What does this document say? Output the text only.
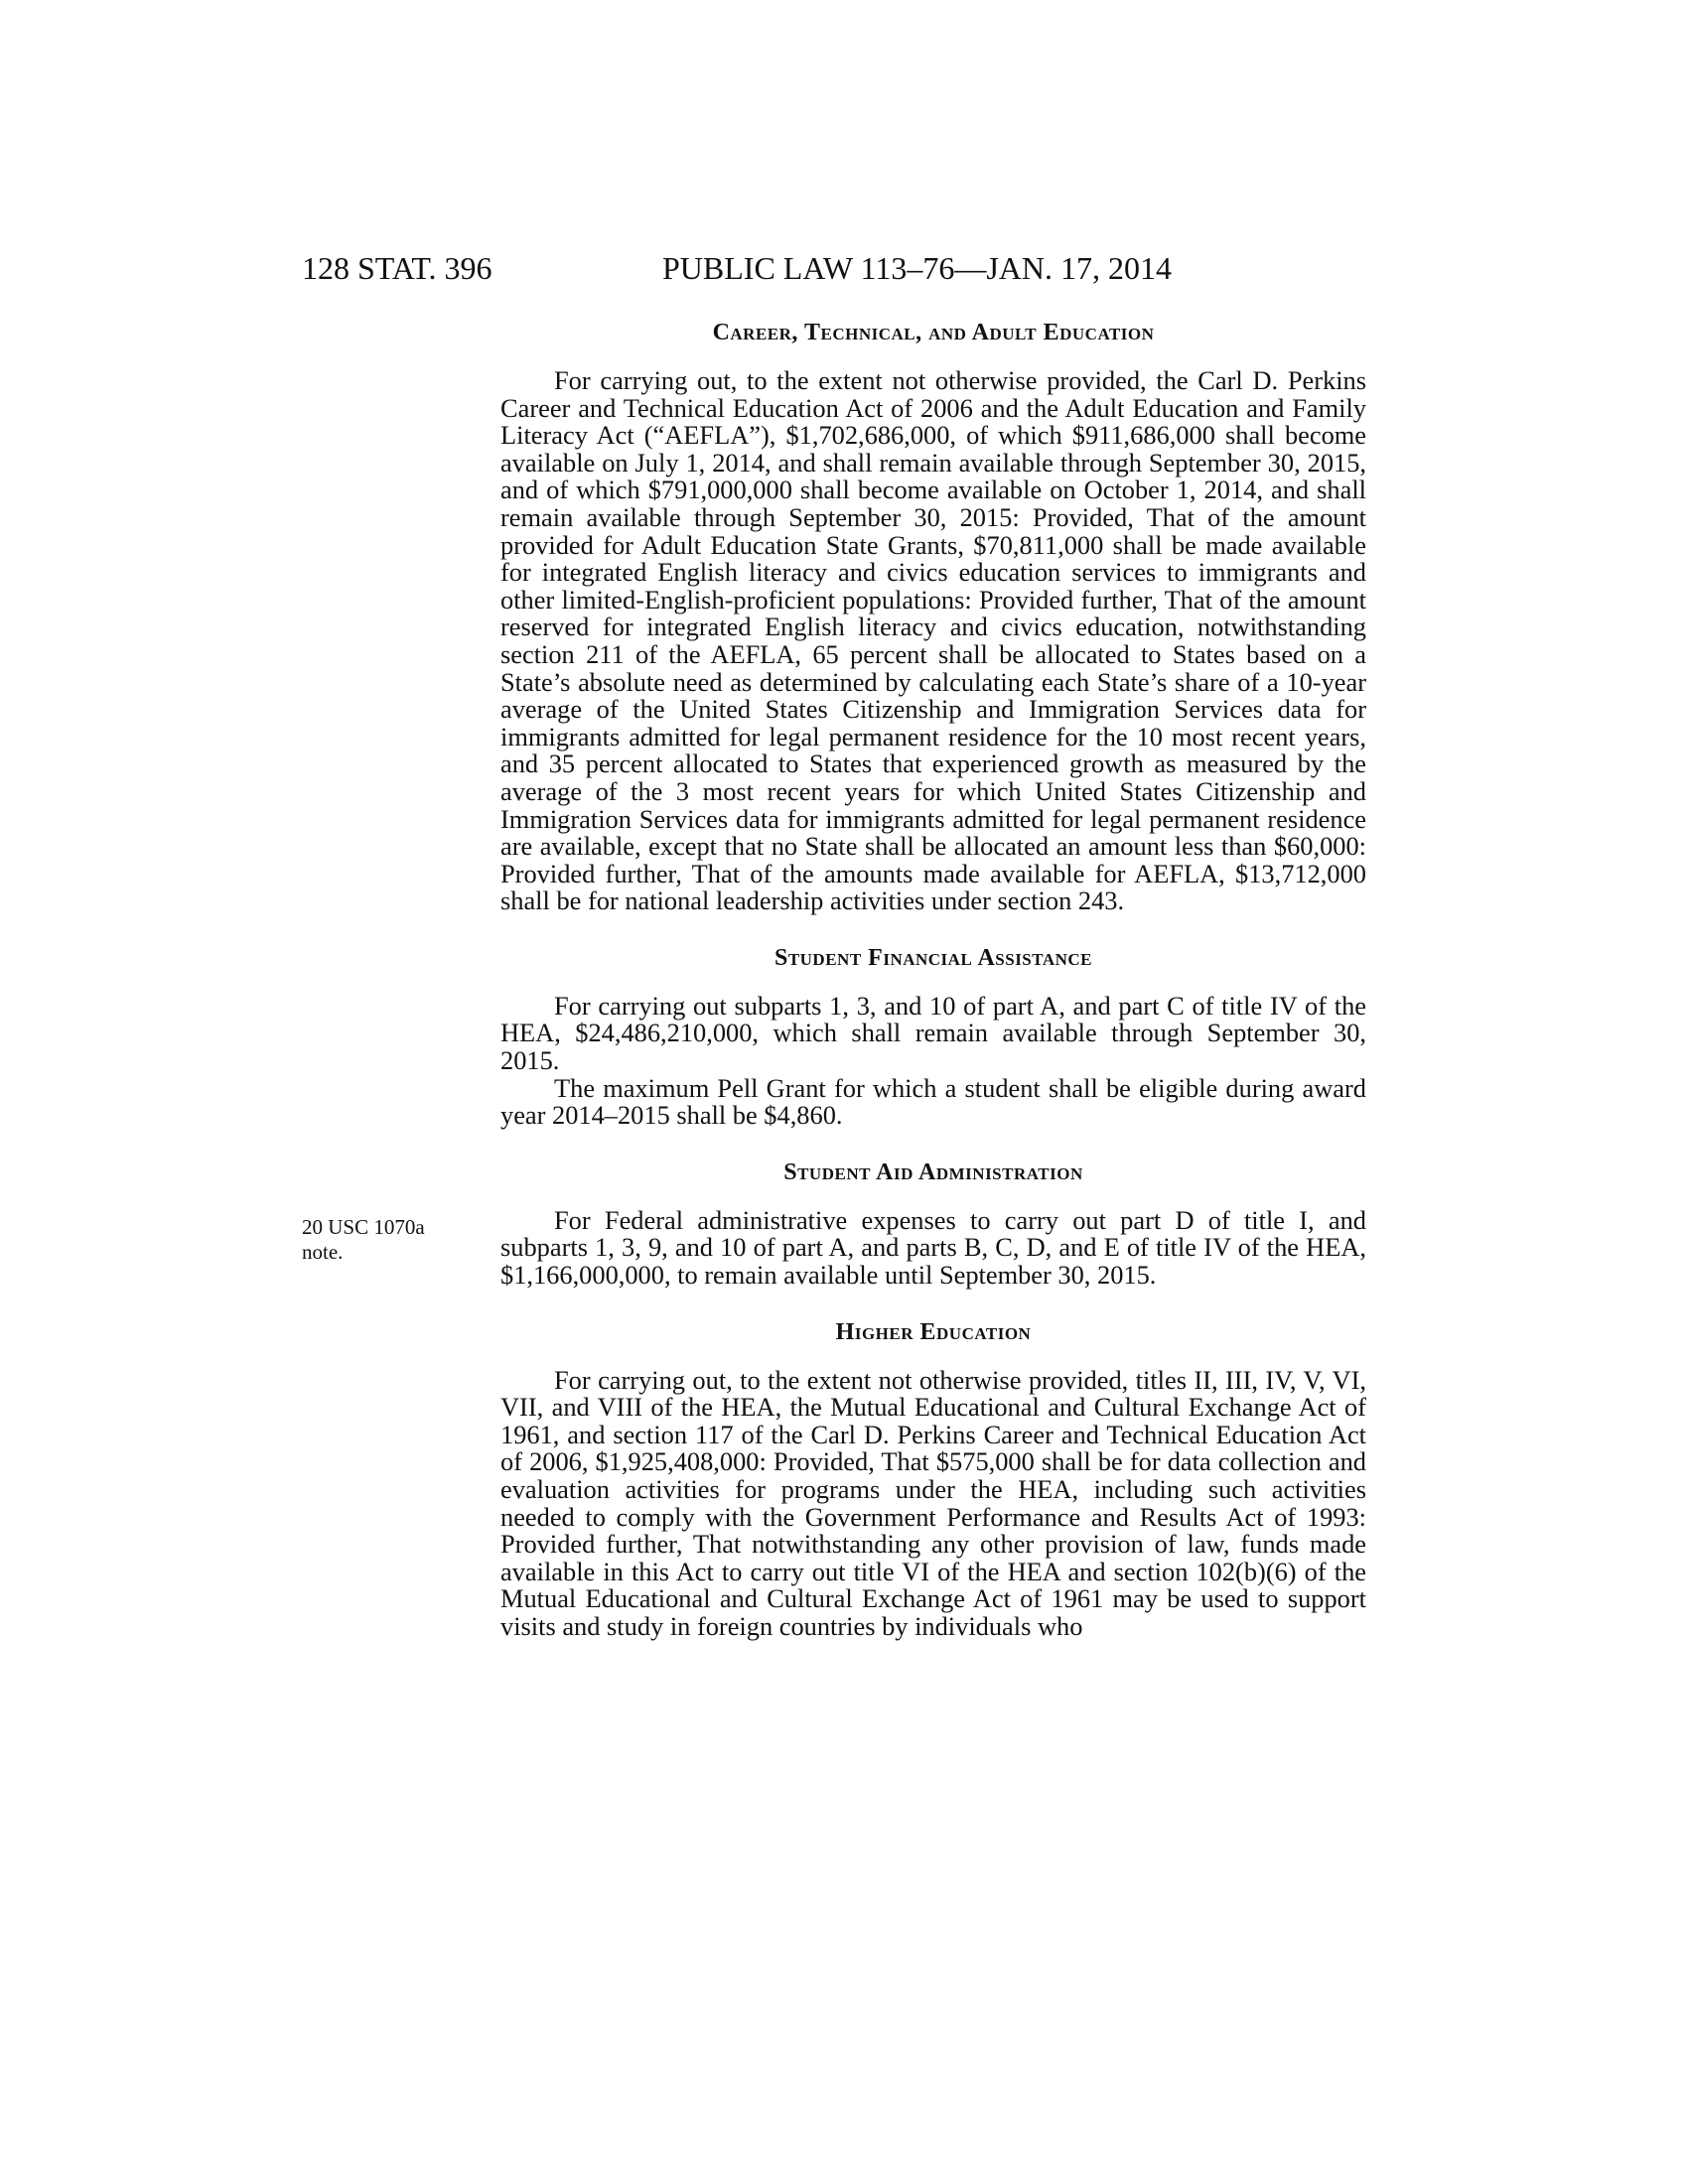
128 STAT. 396	PUBLIC LAW 113–76—JAN. 17, 2014
20 USC 1070a
note.
Career, Technical, and Adult Education

For carrying out, to the extent not otherwise provided, the Carl D. Perkins Career and Technical Education Act of 2006 and the Adult Education and Family Literacy Act (“AEFLA”), $1,702,686,000, of which $911,686,000 shall become available on July 1, 2014, and shall remain available through September 30, 2015, and of which $791,000,000 shall become available on October 1, 2014, and shall remain available through September 30, 2015: Provided, That of the amount provided for Adult Education State Grants, $70,811,000 shall be made available for integrated English literacy and civics education services to immigrants and other limited-English-proficient populations: Provided further, That of the amount reserved for integrated English literacy and civics education, notwithstanding section 211 of the AEFLA, 65 percent shall be allocated to States based on a State’s absolute need as determined by calculating each State’s share of a 10-year average of the United States Citizenship and Immigration Services data for immigrants admitted for legal permanent residence for the 10 most recent years, and 35 percent allocated to States that experienced growth as measured by the average of the 3 most recent years for which United States Citizenship and Immigration Services data for immigrants admitted for legal permanent residence are available, except that no State shall be allocated an amount less than $60,000: Provided further, That of the amounts made available for AEFLA, $13,712,000 shall be for national leadership activities under section 243.

Student Financial Assistance

For carrying out subparts 1, 3, and 10 of part A, and part C of title IV of the HEA, $24,486,210,000, which shall remain available through September 30, 2015.

The maximum Pell Grant for which a student shall be eligible during award year 2014–2015 shall be $4,860.

Student Aid Administration

For Federal administrative expenses to carry out part D of title I, and subparts 1, 3, 9, and 10 of part A, and parts B, C, D, and E of title IV of the HEA, $1,166,000,000, to remain available until September 30, 2015.

Higher Education

For carrying out, to the extent not otherwise provided, titles II, III, IV, V, VI, VII, and VIII of the HEA, the Mutual Educational and Cultural Exchange Act of 1961, and section 117 of the Carl D. Perkins Career and Technical Education Act of 2006, $1,925,408,000: Provided, That $575,000 shall be for data collection and evaluation activities for programs under the HEA, including such activities needed to comply with the Government Performance and Results Act of 1993: Provided further, That notwithstanding any other provision of law, funds made available in this Act to carry out title VI of the HEA and section 102(b)(6) of the Mutual Educational and Cultural Exchange Act of 1961 may be used to support visits and study in foreign countries by individuals who
